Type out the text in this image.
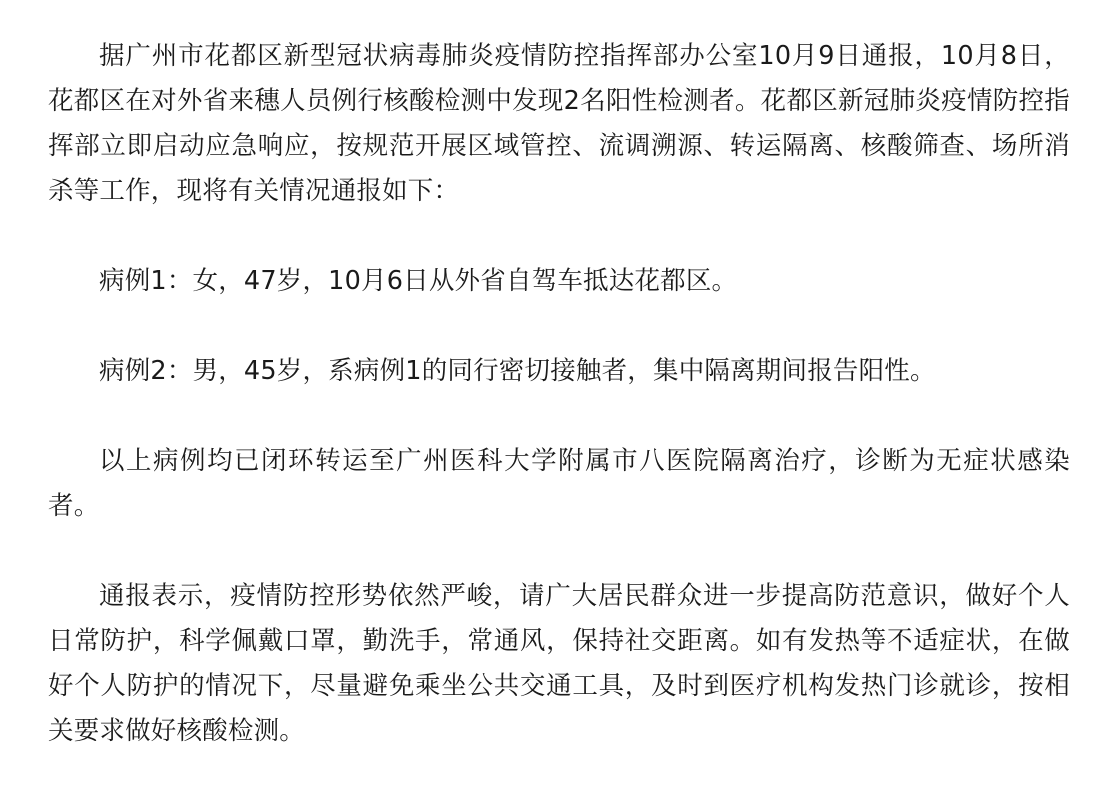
据广州市花都区新型冠状病毒肺炎疫情防控指挥部办公室10月9日通报，10月8日，花都区在对外省来穗人员例行核酸检测中发现2名阳性检测者。花都区新冠肺炎疫情防控指挥部立即启动应急响应，按规范开展区域管控、流调溯源、转运隔离、核酸筛查、场所消杀等工作，现将有关情况通报如下：

病例1：女，47岁，10月6日从外省自驾车抵达花都区。

病例2：男，45岁，系病例1的同行密切接触者，集中隔离期间报告阳性。

以上病例均已闭环转运至广州医科大学附属市八医院隔离治疗，诊断为无症状感染者。

通报表示，疫情防控形势依然严峻，请广大居民群众进一步提高防范意识，做好个人日常防护，科学佩戴口罩，勤洗手，常通风，保持社交距离。如有发热等不适症状，在做好个人防护的情况下，尽量避免乘坐公共交通工具，及时到医疗机构发热门诊就诊，按相关要求做好核酸检测。
